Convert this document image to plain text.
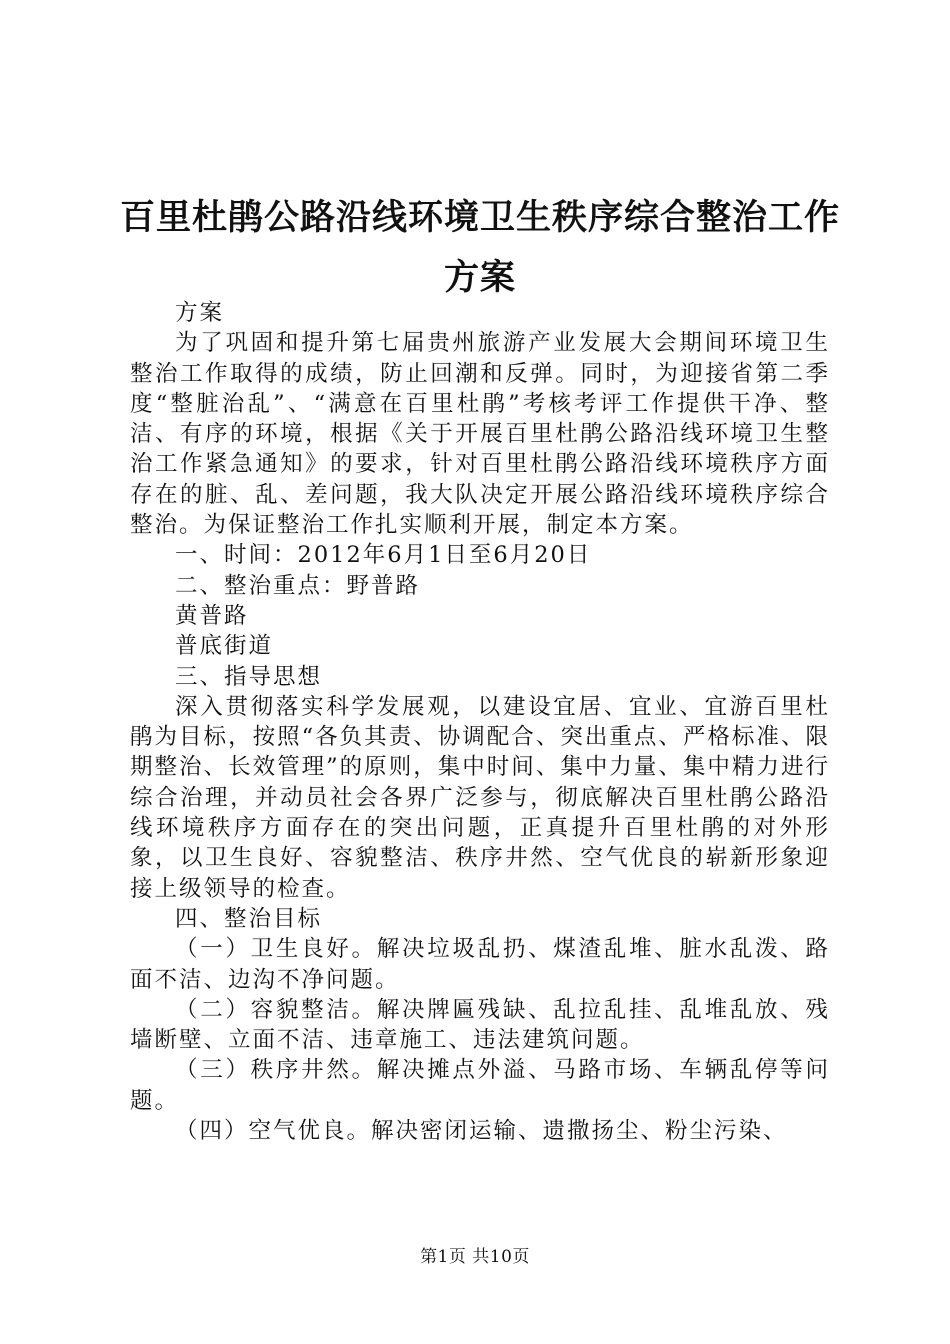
百里杜鹃公路沿线环境卫生秩序综合整治工作
方案

方案

为了巩固和提升第七届贵州旅游产业发展大会期间环境卫生整治工作取得的成绩，防止回潮和反弹。同时，为迎接省第二季度“整脏治乱”、“满意在百里杜鹃”考核考评工作提供干净、整洁、有序的环境，根据《关于开展百里杜鹃公路沿线环境卫生整治工作紧急通知》的要求，针对百里杜鹃公路沿线环境秩序方面存在的脏、乱、差问题，我大队决定开展公路沿线环境秩序综合整治。为保证整治工作扎实顺利开展，制定本方案。

一、时间：2012年6月1日至6月20日

二、整治重点：野普路

黄普路

普底街道

三、指导思想

深入贯彻落实科学发展观，以建设宜居、宜业、宜游百里杜鹃为目标，按照“各负其责、协调配合、突出重点、严格标准、限期整治、长效管理”的原则，集中时间、集中力量、集中精力进行综合治理，并动员社会各界广泛参与，彻底解决百里杜鹃公路沿线环境秩序方面存在的突出问题，正真提升百里杜鹃的对外形象，以卫生良好、容貌整洁、秩序井然、空气优良的崭新形象迎接上级领导的检查。

四、整治目标

（一）卫生良好。解决垃圾乱扔、煤渣乱堆、脏水乱泼、路面不洁、边沟不净问题。

（二）容貌整洁。解决牌匾残缺、乱拉乱挂、乱堆乱放、残墙断壁、立面不洁、违章施工、违法建筑问题。

（三）秩序井然。解决摊点外溢、马路市场、车辆乱停等问题。

（四）空气优良。解决密闭运输、遗撒扬尘、粉尘污染、

第1页 共10页
